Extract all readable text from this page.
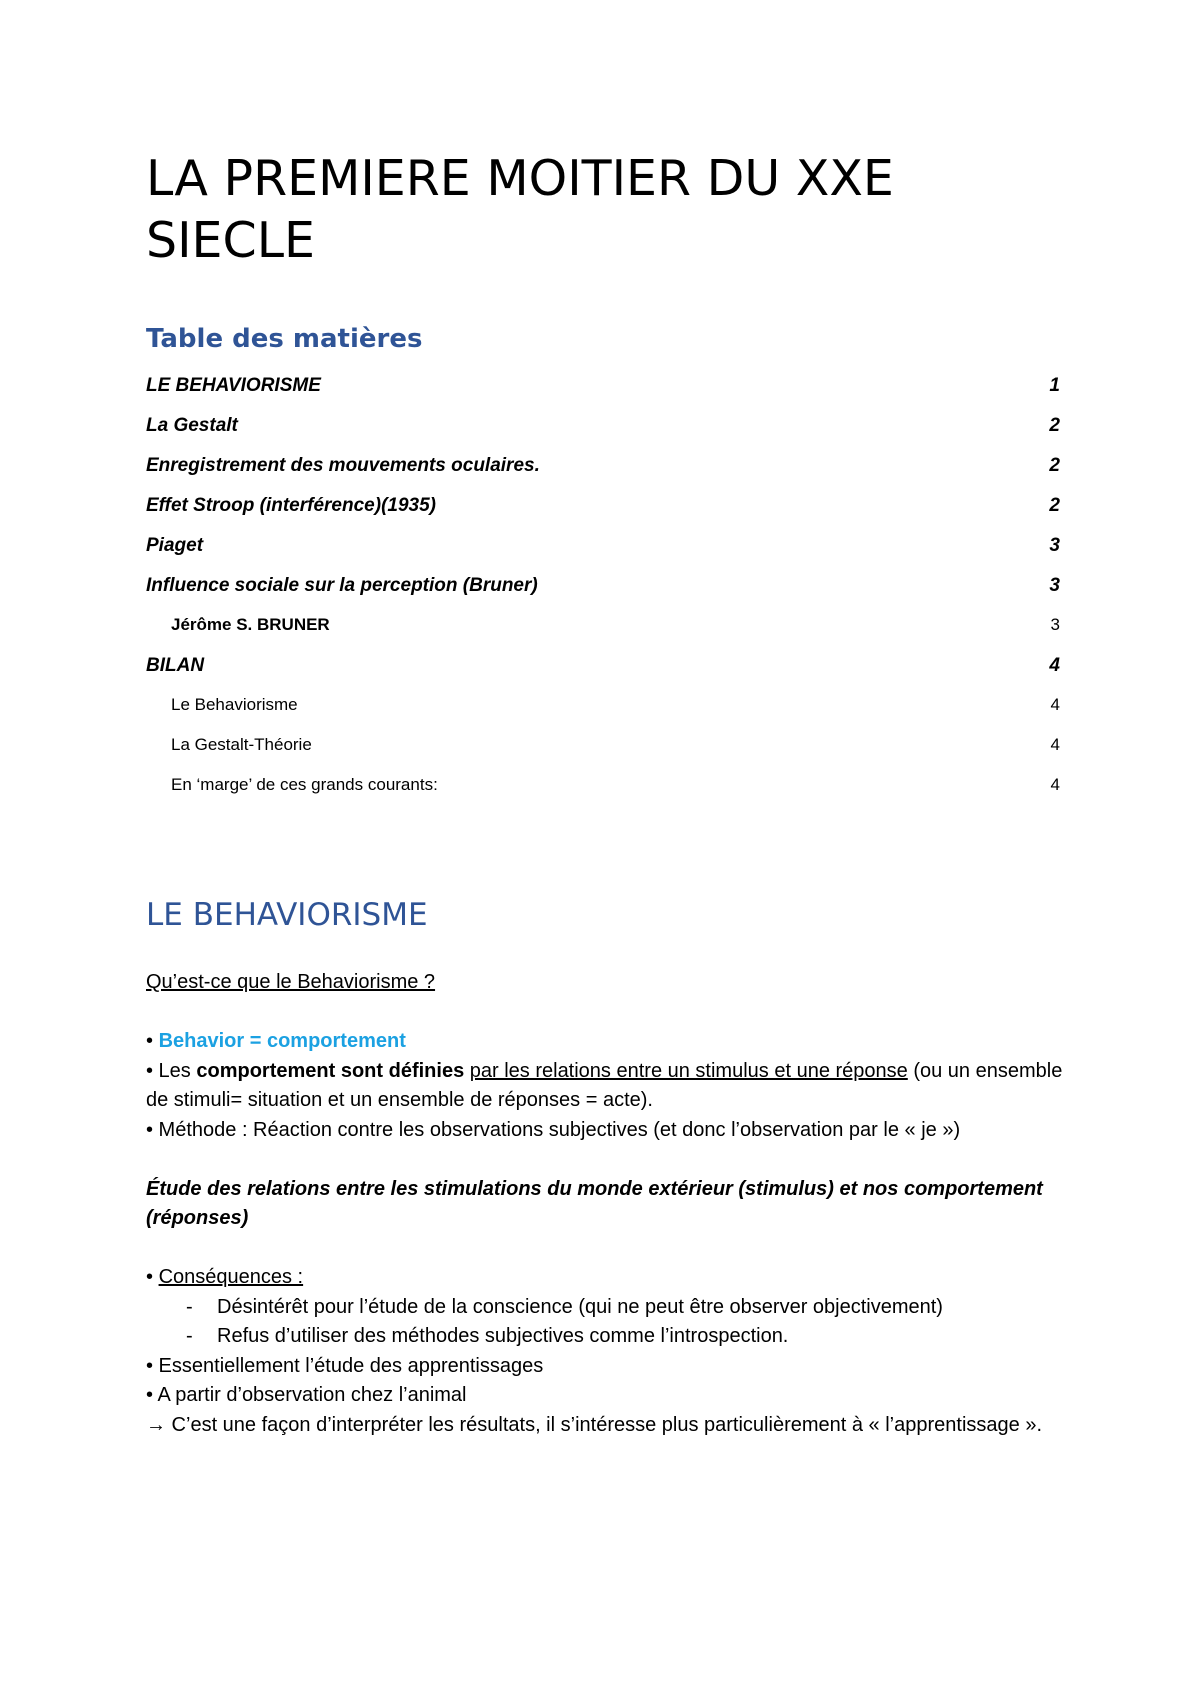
LA PREMIERE MOITIER DU XXE SIECLE
Table des matières
LE BEHAVIORISME	1
La Gestalt	2
Enregistrement des mouvements oculaires.	2
Effet Stroop (interférence)(1935)	2
Piaget	3
Influence sociale sur la perception (Bruner)	3
Jérôme S. BRUNER	3
BILAN	4
Le Behaviorisme	4
La Gestalt-Théorie	4
En ‘marge’ de ces grands courants:	4
LE BEHAVIORISME

Qu’est-ce que le Behaviorisme ?

• Behavior = comportement

• Les comportement sont définies par les relations entre un stimulus et une réponse (ou un ensemble de stimuli= situation et un ensemble de réponses = acte).

• Méthode : Réaction contre les observations subjectives (et donc l’observation par le « je »)

Étude des relations entre les stimulations du monde extérieur (stimulus) et nos comportement (réponses)

• Conséquences :

- Désintérêt pour l’étude de la conscience (qui ne peut être observer objectivement)

- Refus d’utiliser des méthodes subjectives comme l’introspection.

• Essentiellement l’étude des apprentissages

• A partir d’observation chez l’animal

→ C’est une façon d’interpréter les résultats, il s’intéresse plus particulièrement à « l’apprentissage ».
